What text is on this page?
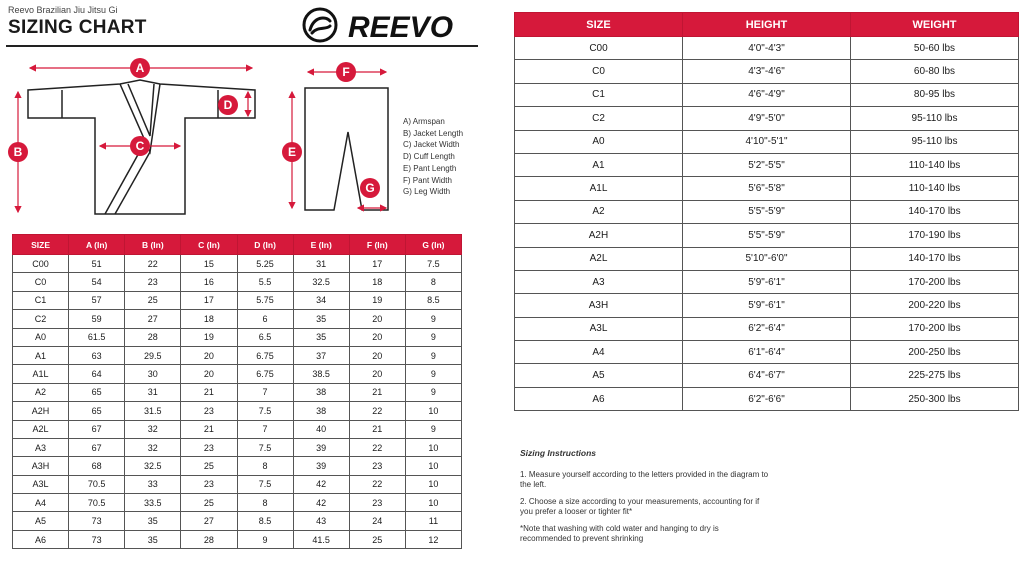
Reevo Brazilian Jiu Jitsu Gi
SIZING CHART	REEVO
A
B	C
D
E
F
G
A) Armspan
B) Jacket Length
C) Jacket Width
D) Cuff Length
E) Pant Length
F) Pant Width
G) Leg Width
SIZE	A (In)	B (In)	C (In)	D (In)	E (In)	F (In)	G (In)
C00	51	22	15	5.25	31	17	7.5
C0	54	23	16	5.5	32.5	18	8
C1	57	25	17	5.75	34	19	8.5
C2	59	27	18	6	35	20	9
A0	61.5	28	19	6.5	35	20	9
A1	63	29.5	20	6.75	37	20	9
A1L	64	30	20	6.75	38.5	20	9
A2	65	31	21	7	38	21	9
A2H	65	31.5	23	7.5	38	22	10
A2L	67	32	21	7	40	21	9
A3	67	32	23	7.5	39	22	10
A3H	68	32.5	25	8	39	23	10
A3L	70.5	33	23	7.5	42	22	10
A4	70.5	33.5	25	8	42	23	10
A5	73	35	27	8.5	43	24	11
A6	73	35	28	9	41.5	25	12
SIZE	HEIGHT	WEIGHT
C00	4'0"-4'3"	50-60 lbs
C0	4'3"-4'6"	60-80 lbs
C1	4'6"-4'9"	80-95 lbs
C2	4'9"-5'0"	95-110 lbs
A0	4'10"-5'1"	95-110 lbs
A1	5'2"-5'5"	110-140 lbs
A1L	5'6"-5'8"	110-140 lbs
A2	5'5"-5'9"	140-170 lbs
A2H	5'5"-5'9"	170-190 lbs
A2L	5'10"-6'0"	140-170 lbs
A3	5'9"-6'1"	170-200 lbs
A3H	5'9"-6'1"	200-220 lbs
A3L	6'2"-6'4"	170-200 lbs
A4	6'1"-6'4"	200-250 lbs
A5	6'4"-6'7"	225-275 lbs
A6	6'2"-6'6"	250-300 lbs
Sizing Instructions
1. Measure yourself according to the letters provided in the diagram to the left.
2. Choose a size according to your measurements, accounting for if you prefer a looser or tighter fit*
*Note that washing with cold water and hanging to dry is recommended to prevent shrinking
